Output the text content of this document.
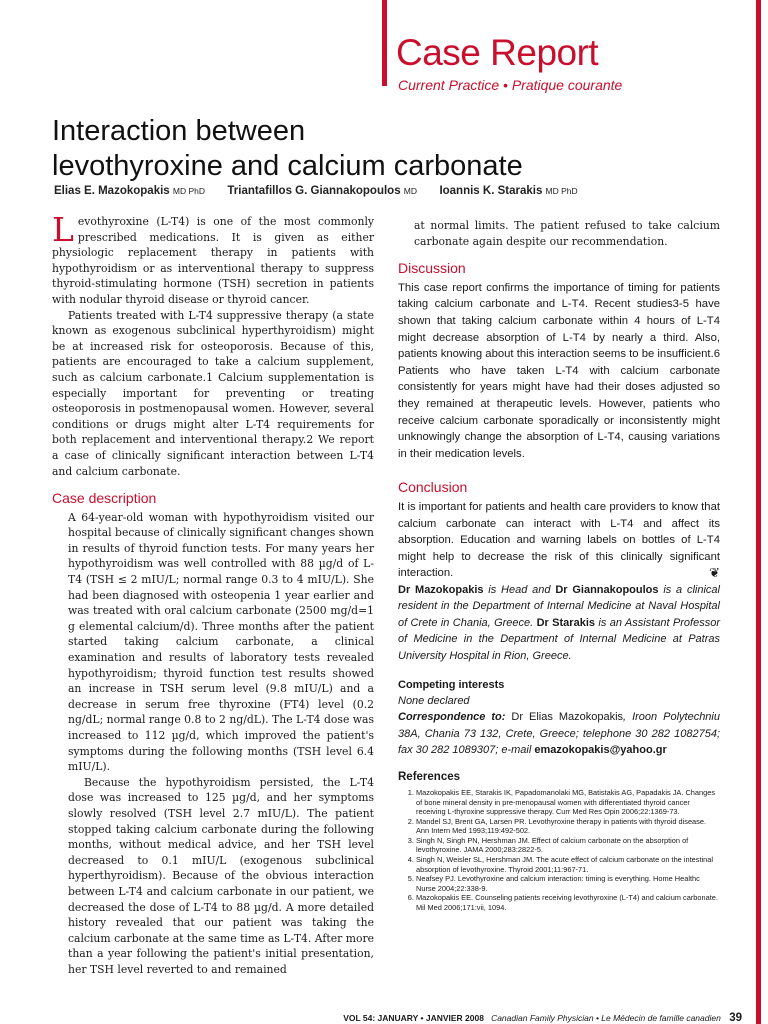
Case Report
Current Practice • Pratique courante
Interaction between
levothyroxine and calcium carbonate
Elias E. Mazokopakis MD PhD Triantafillos G. Giannakopoulos MD Ioannis K. Starakis MD PhD

L evothyroxine (L-T4) is one of the most commonly prescribed medications. It is given as either physiologic replacement therapy in patients with hypothyroidism or as interventional therapy to suppress thyroid-stimulating hormone (TSH) secretion in patients with nodular thyroid disease or thyroid cancer.

Patients treated with L-T4 suppressive therapy (a state known as exogenous subclinical hyperthyroidism) might be at increased risk for osteoporosis. Because of this, patients are encouraged to take a calcium supplement, such as calcium carbonate.1 Calcium supplementation is especially important for preventing or treating osteoporosis in postmenopausal women. However, several conditions or drugs might alter L-T4 requirements for both replacement and interventional therapy.2 We report a case of clinically significant interaction between L-T4 and calcium carbonate.

Case description

A 64-year-old woman with hypothyroidism visited our hospital because of clinically significant changes shown in results of thyroid function tests. For many years her hypothyroidism was well controlled with 88 µg/d of L-T4 (TSH ≤ 2 mIU/L; normal range 0.3 to 4 mIU/L). She had been diagnosed with osteopenia 1 year earlier and was treated with oral calcium carbonate (2500 mg/d=1 g elemental calcium/d). Three months after the patient started taking calcium carbonate, a clinical examination and results of laboratory tests revealed hypothyroidism; thyroid function test results showed an increase in TSH serum level (9.8 mIU/L) and a decrease in serum free thyroxine (FT4) level (0.2 ng/dL; normal range 0.8 to 2 ng/dL). The L-T4 dose was increased to 112 µg/d, which improved the patient's symptoms during the following months (TSH level 6.4 mIU/L).

Because the hypothyroidism persisted, the L-T4 dose was increased to 125 µg/d, and her symptoms slowly resolved (TSH level 2.7 mIU/L). The patient stopped taking calcium carbonate during the following months, without medical advice, and her TSH level decreased to 0.1 mIU/L (exogenous subclinical hyperthyroidism). Because of the obvious interaction between L-T4 and calcium carbonate in our patient, we decreased the dose of L-T4 to 88 µg/d. A more detailed history revealed that our patient was taking the calcium carbonate at the same time as L-T4. After more than a year following the patient's initial presentation, her TSH level reverted to and remained

at normal limits. The patient refused to take calcium carbonate again despite our recommendation.

Discussion

This case report confirms the importance of timing for patients taking calcium carbonate and L-T4. Recent studies3-5 have shown that taking calcium carbonate within 4 hours of L-T4 might decrease absorption of L-T4 by nearly a third. Also, patients knowing about this interaction seems to be insufficient.6 Patients who have taken L-T4 with calcium carbonate consistently for years might have had their doses adjusted so they remained at therapeutic levels. However, patients who receive calcium carbonate sporadically or inconsistently might unknowingly change the absorption of L-T4, causing variations in their medication levels.

Conclusion

It is important for patients and health care providers to know that calcium carbonate can interact with L-T4 and affect its absorption. Education and warning labels on bottles of L-T4 might help to decrease the risk of this clinically significant interaction.	❦

Dr Mazokopakis is Head and Dr Giannakopoulos is a clinical resident in the Department of Internal Medicine at Naval Hospital of Crete in Chania, Greece. Dr Starakis is an Assistant Professor of Medicine in the Department of Internal Medicine at Patras University Hospital in Rion, Greece.

Competing interests
None declared

Correspondence to: Dr Elias Mazokopakis, Iroon Polytechniu 38A, Chania 73 132, Crete, Greece; telephone 30 282 1082754; fax 30 282 1089307; e-mail emazokopakis@yahoo.gr

References
1. Mazokopakis EE, Starakis IK, Papadomanolaki MG, Batistakis AG, Papadakis JA. Changes of bone mineral density in pre-menopausal women with differentiated thyroid cancer receiving L-thyroxine suppressive therapy. Curr Med Res Opin 2006;22:1369-73.
2. Mandel SJ, Brent GA, Larsen PR. Levothyroxine therapy in patients with thyroid disease. Ann Intern Med 1993;119:492-502.
3. Singh N, Singh PN, Hershman JM. Effect of calcium carbonate on the absorption of levothyroxine. JAMA 2000;283:2822-5.
4. Singh N, Weisler SL, Hershman JM. The acute effect of calcium carbonate on the intestinal absorption of levothyroxine. Thyroid 2001;11:967-71.
5. Neafsey PJ. Levothyroxine and calcium interaction: timing is everything. Home Healthc Nurse 2004;22:338-9.
6. Mazokopakis EE. Counseling patients receiving levothyroxine (L-T4) and calcium carbonate. Mil Med 2006;171:vii, 1094.
VOL 54: JANUARY • JANVIER 2008 Canadian Family Physician • Le Médecin de famille canadien 39
